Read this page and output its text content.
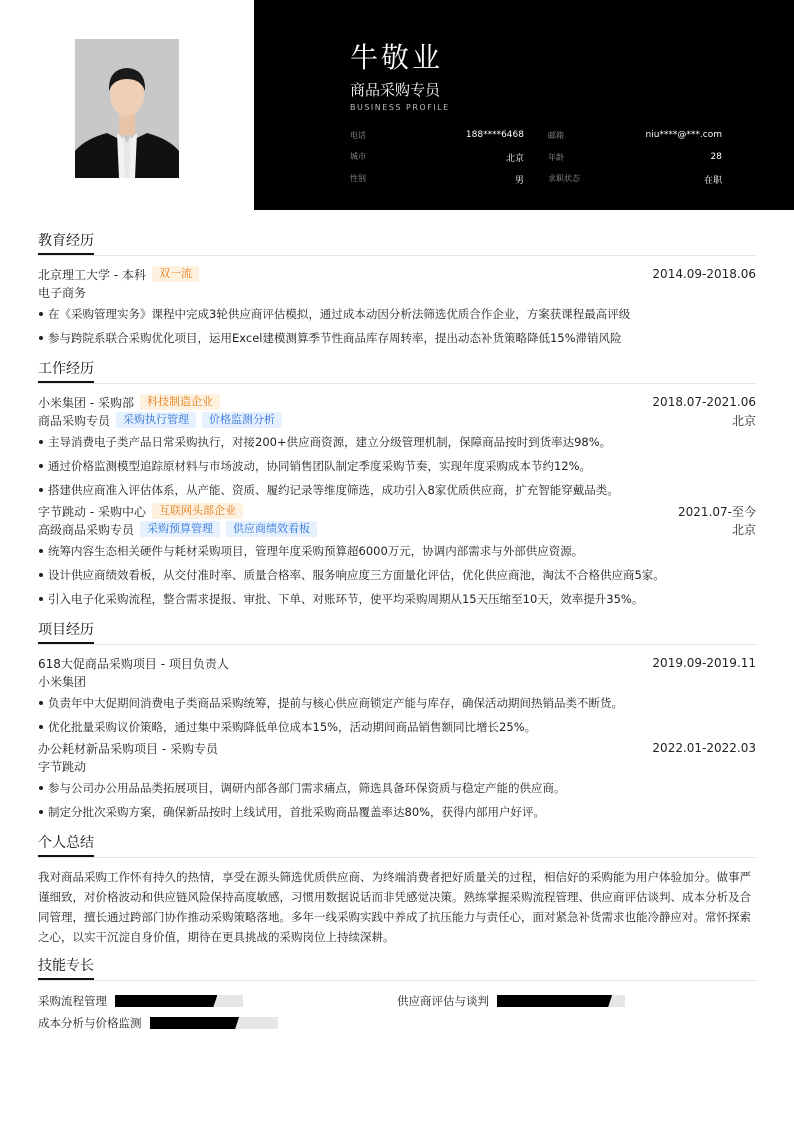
牛敬业
商品采购专员
BUSINESS PROFILE
电话	188****6468	邮箱	niu****@***.com
城市	北京	年龄	28
性别	男	求职状态	在职
教育经历
北京理工大学 - 本科	双一流	2014.09-2018.06
电子商务
在《采购管理实务》课程中完成3轮供应商评估模拟，通过成本动因分析法筛选优质合作企业，方案获课程最高评级
参与跨院系联合采购优化项目，运用Excel建模测算季节性商品库存周转率，提出动态补货策略降低15%滞销风险
工作经历
小米集团 - 采购部	科技制造企业	2018.07-2021.06
商品采购专员	采购执行管理	价格监测分析	北京
主导消费电子类产品日常采购执行，对接200+供应商资源，建立分级管理机制，保障商品按时到货率达98%。
通过价格监测模型追踪原材料与市场波动，协同销售团队制定季度采购节奏，实现年度采购成本节约12%。
搭建供应商准入评估体系，从产能、资质、履约记录等维度筛选，成功引入8家优质供应商，扩充智能穿戴品类。
字节跳动 - 采购中心	互联网头部企业	2021.07-至今
高级商品采购专员	采购预算管理	供应商绩效看板	北京
统筹内容生态相关硬件与耗材采购项目，管理年度采购预算超6000万元，协调内部需求与外部供应资源。
设计供应商绩效看板，从交付准时率、质量合格率、服务响应度三方面量化评估，优化供应商池，淘汰不合格供应商5家。
引入电子化采购流程，整合需求提报、审批、下单、对账环节，使平均采购周期从15天压缩至10天，效率提升35%。
项目经历
618大促商品采购项目 - 项目负责人	2019.09-2019.11
小米集团
负责年中大促期间消费电子类商品采购统筹，提前与核心供应商锁定产能与库存，确保活动期间热销品类不断货。
优化批量采购议价策略，通过集中采购降低单位成本15%，活动期间商品销售额同比增长25%。
办公耗材新品采购项目 - 采购专员	2022.01-2022.03
字节跳动
参与公司办公用品品类拓展项目，调研内部各部门需求痛点，筛选具备环保资质与稳定产能的供应商。
制定分批次采购方案，确保新品按时上线试用，首批采购商品覆盖率达80%，获得内部用户好评。
个人总结

我对商品采购工作怀有持久的热情，享受在源头筛选优质供应商、为终端消费者把好质量关的过程，相信好的采购能为用户体验加分。做事严谨细致，对价格波动和供应链风险保持高度敏感，习惯用数据说话而非凭感觉决策。熟练掌握采购流程管理、供应商评估谈判、成本分析及合同管理，擅长通过跨部门协作推动采购策略落地。多年一线采购实践中养成了抗压能力与责任心，面对紧急补货需求也能冷静应对。常怀探索之心，以实干沉淀自身价值，期待在更具挑战的采购岗位上持续深耕。

技能专长
采购流程管理	供应商评估与谈判
成本分析与价格监测
